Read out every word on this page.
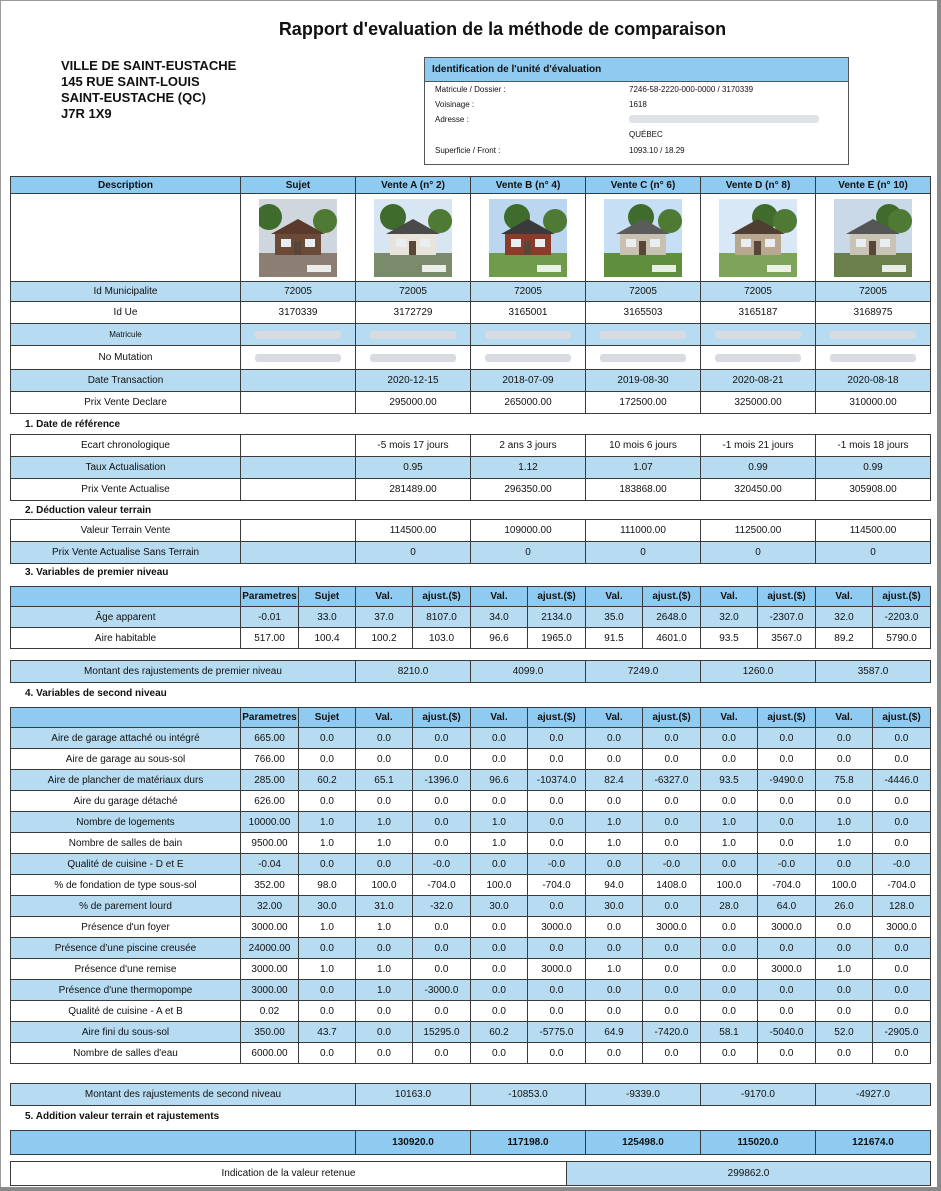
Rapport d'evaluation de la méthode de comparaison
VILLE DE SAINT-EUSTACHE
145 RUE SAINT-LOUIS
SAINT-EUSTACHE (QC)
J7R 1X9
Identification de l'unité d'évaluation
Matricule / Dossier :	7246-58-2220-000-0000 / 3170339
Voisinage :	1618
Adresse :
QUÉBEC
Superficie / Front :	1093.10 / 18.29
Description	Sujet	Vente A (n° 2)	Vente B (n° 4)	Vente C (n° 6)	Vente D (n° 8)	Vente E (n° 10)

Id Municipalite	72005	72005	72005	72005	72005	72005
Id Ue	3170339	3172729	3165001	3165503	3165187	3168975
Matricule	

No Mutation	

Date Transaction		2020-12-15	2018-07-09	2019-08-30	2020-08-21	2020-08-18
Prix Vente Declare		295000.00	265000.00	172500.00	325000.00	310000.00
1. Date de référence
Ecart chronologique		-5 mois 17 jours	2 ans 3 jours	10 mois 6 jours	-1 mois 21 jours	-1 mois 18 jours
Taux Actualisation		0.95	1.12	1.07	0.99	0.99
Prix Vente Actualise		281489.00	296350.00	183868.00	320450.00	305908.00
2. Déduction valeur terrain
Valeur Terrain Vente		114500.00	109000.00	111000.00	112500.00	114500.00
Prix Vente Actualise Sans Terrain		0	0	0	0	0
3. Variables de premier niveau
	Parametres	Sujet	Val.	ajust.($)	Val.	ajust.($)	Val.	ajust.($)	Val.	ajust.($)	Val.	ajust.($)
Âge apparent	-0.01	33.0	37.0	8107.0	34.0	2134.0	35.0	2648.0	32.0	-2307.0	32.0	-2203.0
Aire habitable	517.00	100.4	100.2	103.0	96.6	1965.0	91.5	4601.0	93.5	3567.0	89.2	5790.0
Montant des rajustements de premier niveau	8210.0	4099.0	7249.0	1260.0	3587.0
4. Variables de second niveau
	Parametres	Sujet	Val.	ajust.($)	Val.	ajust.($)	Val.	ajust.($)	Val.	ajust.($)	Val.	ajust.($)
Aire de garage attaché ou intégré	665.00	0.0	0.0	0.0	0.0	0.0	0.0	0.0	0.0	0.0	0.0	0.0
Aire de garage au sous-sol	766.00	0.0	0.0	0.0	0.0	0.0	0.0	0.0	0.0	0.0	0.0	0.0
Aire de plancher de matériaux durs	285.00	60.2	65.1	-1396.0	96.6	-10374.0	82.4	-6327.0	93.5	-9490.0	75.8	-4446.0
Aire du garage détaché	626.00	0.0	0.0	0.0	0.0	0.0	0.0	0.0	0.0	0.0	0.0	0.0
Nombre de logements	10000.00	1.0	1.0	0.0	1.0	0.0	1.0	0.0	1.0	0.0	1.0	0.0
Nombre de salles de bain	9500.00	1.0	1.0	0.0	1.0	0.0	1.0	0.0	1.0	0.0	1.0	0.0
Qualité de cuisine - D et E	-0.04	0.0	0.0	-0.0	0.0	-0.0	0.0	-0.0	0.0	-0.0	0.0	-0.0
% de fondation de type sous-sol	352.00	98.0	100.0	-704.0	100.0	-704.0	94.0	1408.0	100.0	-704.0	100.0	-704.0
% de parement lourd	32.00	30.0	31.0	-32.0	30.0	0.0	30.0	0.0	28.0	64.0	26.0	128.0
Présence d'un foyer	3000.00	1.0	1.0	0.0	0.0	3000.0	0.0	3000.0	0.0	3000.0	0.0	3000.0
Présence d'une piscine creusée	24000.00	0.0	0.0	0.0	0.0	0.0	0.0	0.0	0.0	0.0	0.0	0.0
Présence d'une remise	3000.00	1.0	1.0	0.0	0.0	3000.0	1.0	0.0	0.0	3000.0	1.0	0.0
Présence d'une thermopompe	3000.00	0.0	1.0	-3000.0	0.0	0.0	0.0	0.0	0.0	0.0	0.0	0.0
Qualité de cuisine - A et B	0.02	0.0	0.0	0.0	0.0	0.0	0.0	0.0	0.0	0.0	0.0	0.0
Aire fini du sous-sol	350.00	43.7	0.0	15295.0	60.2	-5775.0	64.9	-7420.0	58.1	-5040.0	52.0	-2905.0
Nombre de salles d'eau	6000.00	0.0	0.0	0.0	0.0	0.0	0.0	0.0	0.0	0.0	0.0	0.0
Montant des rajustements de second niveau	10163.0	-10853.0	-9339.0	-9170.0	-4927.0
5. Addition valeur terrain et rajustements
	130920.0	117198.0	125498.0	115020.0	121674.0
Indication de la valeur retenue	299862.0
